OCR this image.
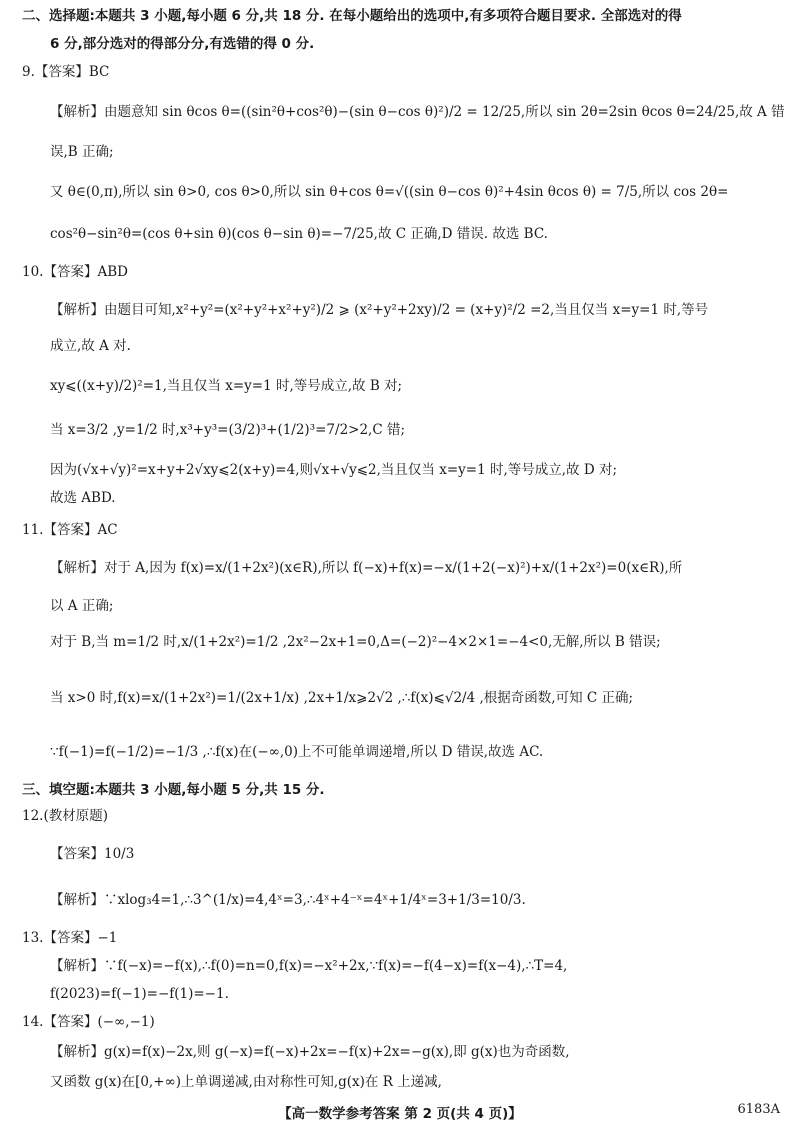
二、选择题:本题共 3 小题,每小题 6 分,共 18 分. 在每小题给出的选项中,有多项符合题目要求. 全部选对的得
6 分,部分选对的得部分分,有选错的得 0 分.
9.【答案】BC
【解析】由题意知 sin θcos θ=((sin²θ+cos²θ)−(sin θ−cos θ)²)/2 = 12/25,所以 sin 2θ=2sin θcos θ=24/25,故 A 错
误,B 正确;
又 θ∈(0,π),所以 sin θ>0, cos θ>0,所以 sin θ+cos θ=√((sin θ−cos θ)²+4sin θcos θ) = 7/5,所以 cos 2θ=
cos²θ−sin²θ=(cos θ+sin θ)(cos θ−sin θ)=−7/25,故 C 正确,D 错误. 故选 BC.
10.【答案】ABD
【解析】由题目可知,x²+y²=(x²+y²+x²+y²)/2 ⩾ (x²+y²+2xy)/2 = (x+y)²/2 =2,当且仅当 x=y=1 时,等号
成立,故 A 对.
xy⩽((x+y)/2)²=1,当且仅当 x=y=1 时,等号成立,故 B 对;
当 x=3/2 ,y=1/2 时,x³+y³=(3/2)³+(1/2)³=7/2>2,C 错;
因为(√x+√y)²=x+y+2√xy⩽2(x+y)=4,则√x+√y⩽2,当且仅当 x=y=1 时,等号成立,故 D 对;
故选 ABD.
11.【答案】AC
【解析】对于 A,因为 f(x)=x/(1+2x²)(x∈R),所以 f(−x)+f(x)=−x/(1+2(−x)²)+x/(1+2x²)=0(x∈R),所
以 A 正确;
对于 B,当 m=1/2 时,x/(1+2x²)=1/2 ,2x²−2x+1=0,Δ=(−2)²−4×2×1=−4<0,无解,所以 B 错误;
当 x>0 时,f(x)=x/(1+2x²)=1/(2x+1/x) ,2x+1/x⩾2√2 ,∴f(x)⩽√2/4 ,根据奇函数,可知 C 正确;
∵f(−1)=f(−1/2)=−1/3 ,∴f(x)在(−∞,0)上不可能单调递增,所以 D 错误,故选 AC.
三、填空题:本题共 3 小题,每小题 5 分,共 15 分.
12.(教材原题)
【答案】10/3
【解析】∵xlog₃4=1,∴3^(1/x)=4,4ˣ=3,∴4ˣ+4⁻ˣ=4ˣ+1/4ˣ=3+1/3=10/3.
13.【答案】−1
【解析】∵f(−x)=−f(x),∴f(0)=n=0,f(x)=−x²+2x,∵f(x)=−f(4−x)=f(x−4),∴T=4,
f(2023)=f(−1)=−f(1)=−1.
14.【答案】(−∞,−1)
【解析】g(x)=f(x)−2x,则 g(−x)=f(−x)+2x=−f(x)+2x=−g(x),即 g(x)也为奇函数,
又函数 g(x)在[0,+∞)上单调递减,由对称性可知,g(x)在 R 上递减,
【高一数学参考答案 第 2 页(共 4 页)】	6183A
